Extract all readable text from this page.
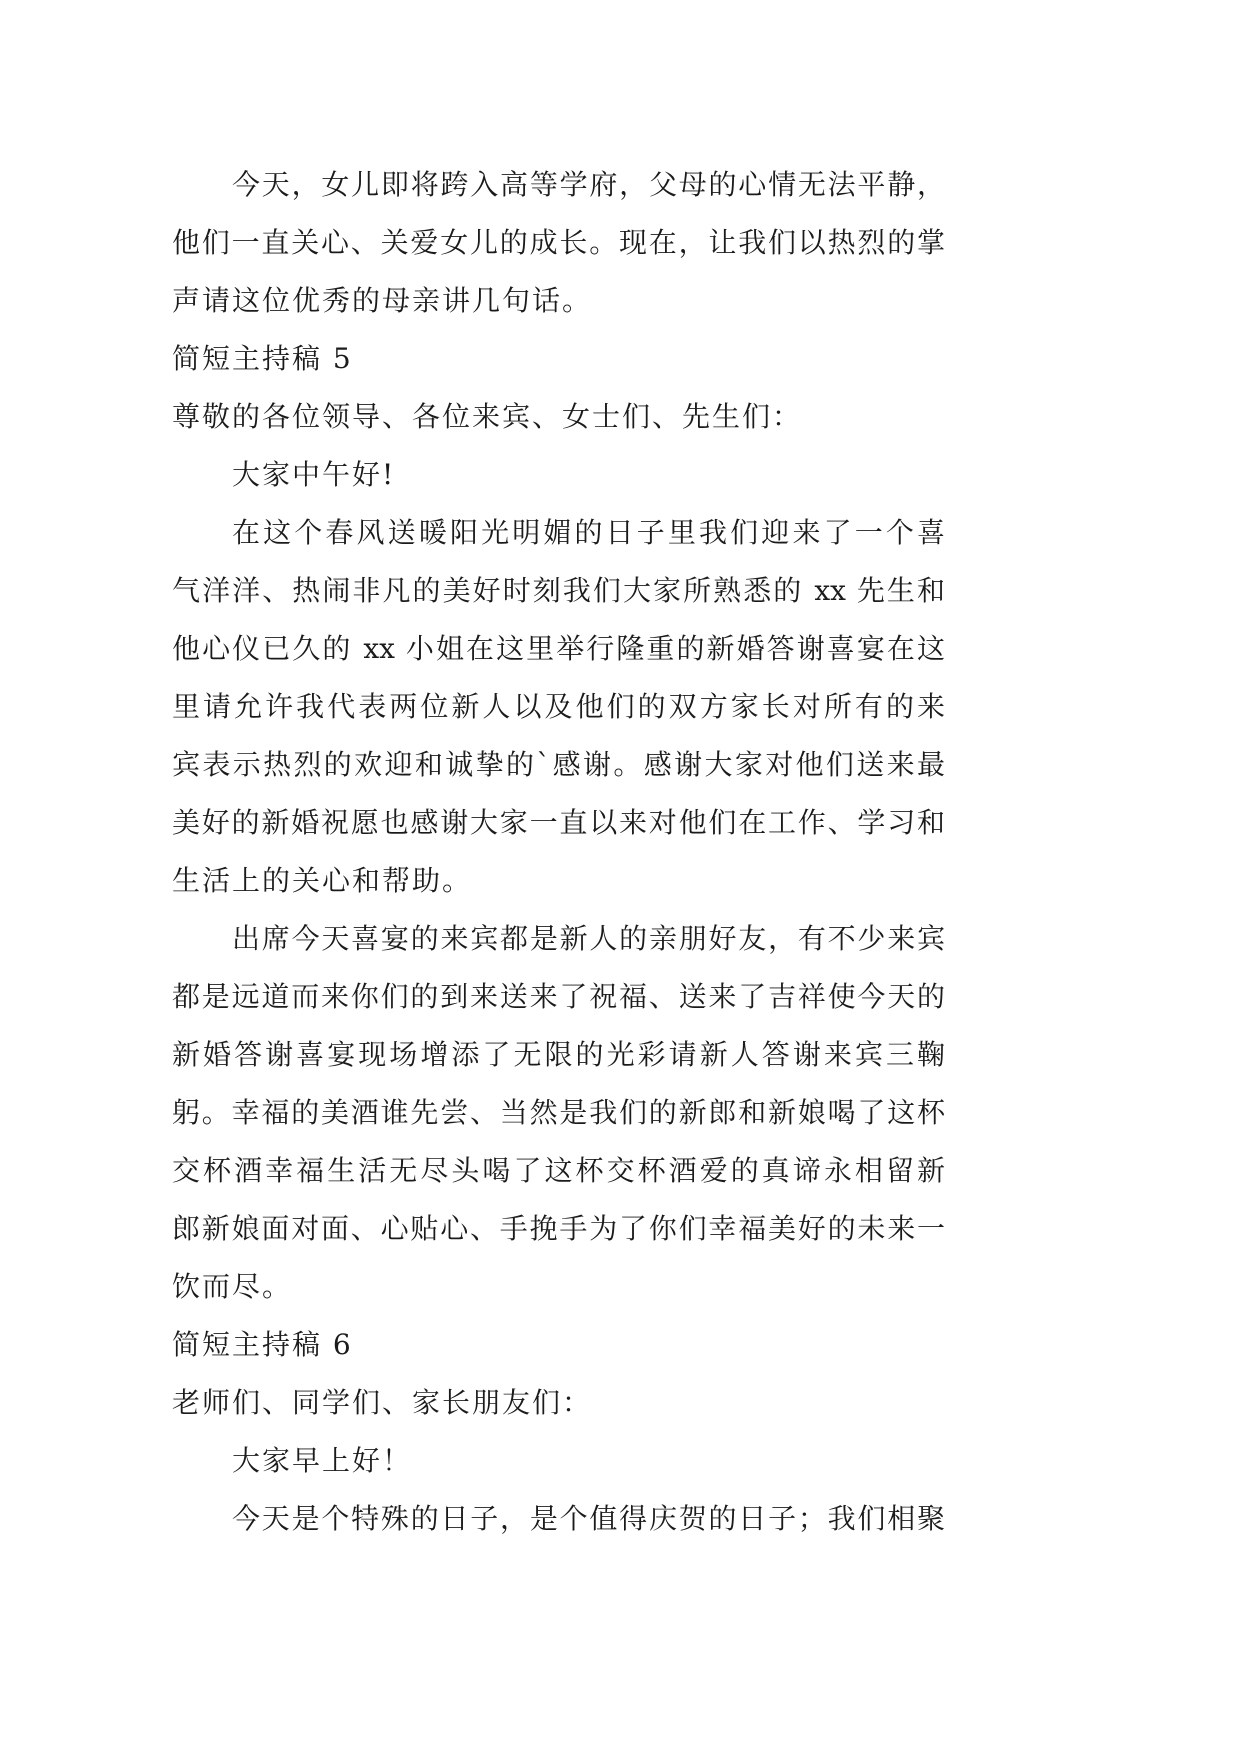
今天，女儿即将跨入高等学府，父母的心情无法平静，
他们一直关心、关爱女儿的成长。现在，让我们以热烈的掌
声请这位优秀的母亲讲几句话。
简短主持稿 5
尊敬的各位领导、各位来宾、女士们、先生们：
大家中午好!
在这个春风送暖阳光明媚的日子里我们迎来了一个喜
气洋洋、热闹非凡的美好时刻我们大家所熟悉的 xx 先生和
他心仪已久的 xx 小姐在这里举行隆重的新婚答谢喜宴在这
里请允许我代表两位新人以及他们的双方家长对所有的来
宾表示热烈的欢迎和诚挚的`感谢。感谢大家对他们送来最
美好的新婚祝愿也感谢大家一直以来对他们在工作、学习和
生活上的关心和帮助。
出席今天喜宴的来宾都是新人的亲朋好友，有不少来宾
都是远道而来你们的到来送来了祝福、送来了吉祥使今天的
新婚答谢喜宴现场增添了无限的光彩请新人答谢来宾三鞠
躬。幸福的美酒谁先尝、当然是我们的新郎和新娘喝了这杯
交杯酒幸福生活无尽头喝了这杯交杯酒爱的真谛永相留新
郎新娘面对面、心贴心、手挽手为了你们幸福美好的未来一
饮而尽。
简短主持稿 6
老师们、同学们、家长朋友们：
大家早上好！
今天是个特殊的日子，是个值得庆贺的日子；我们相聚
